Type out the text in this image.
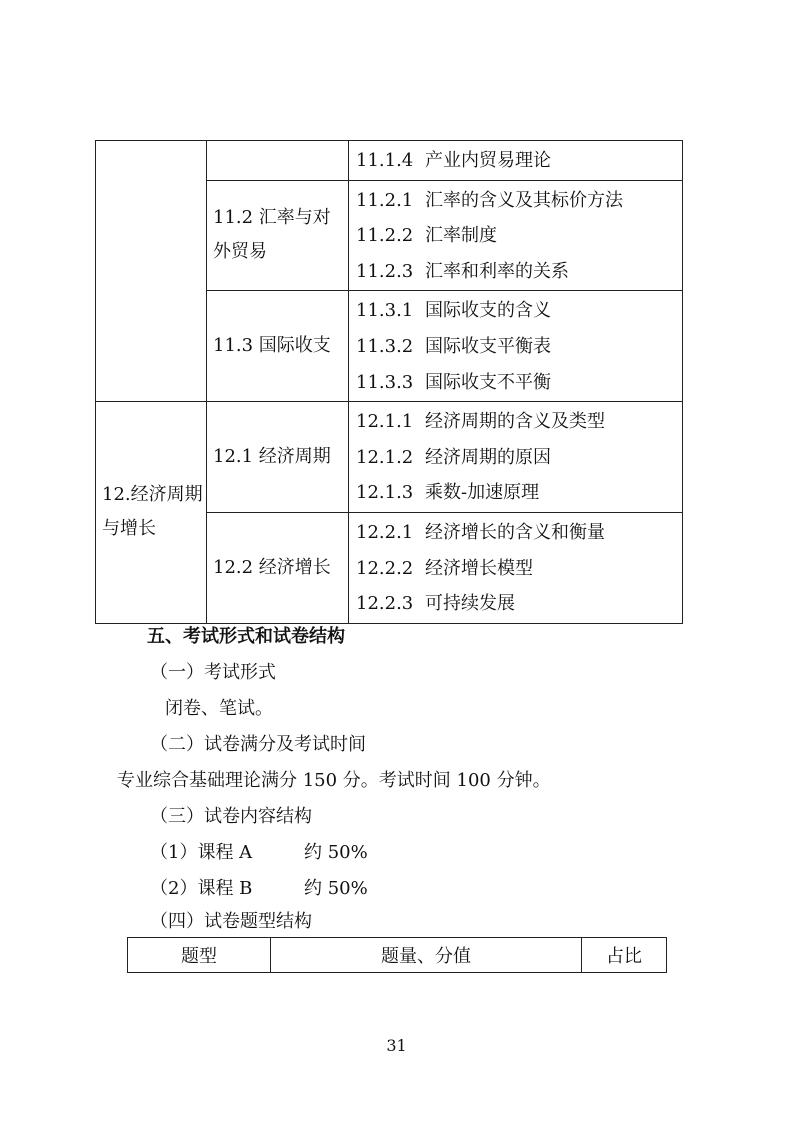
		11.1.4 产业内贸易理论

	11.2 汇率与对外贸易	11.2.1 汇率的含义及其标价方法
11.2.2 汇率制度
11.2.3 汇率和利率的关系

	11.3 国际收支	11.3.1 国际收支的含义
11.3.2 国际收支平衡表
11.3.3 国际收支不平衡

12.经济周期与增长	12.1 经济周期	12.1.1 经济周期的含义及类型
12.1.2 经济周期的原因
12.1.3 乘数-加速原理

	12.2 经济增长	12.2.1 经济增长的含义和衡量
12.2.2 经济增长模型
12.2.3 可持续发展
五、考试形式和试卷结构
（一）考试形式
闭卷、笔试。
（二）试卷满分及考试时间
专业综合基础理论满分 150 分。考试时间 100 分钟。
（三）试卷内容结构
（1）课程 A	约 50%
（2）课程 B	约 50%
（四）试卷题型结构
题型	题量、分值	占比
31
